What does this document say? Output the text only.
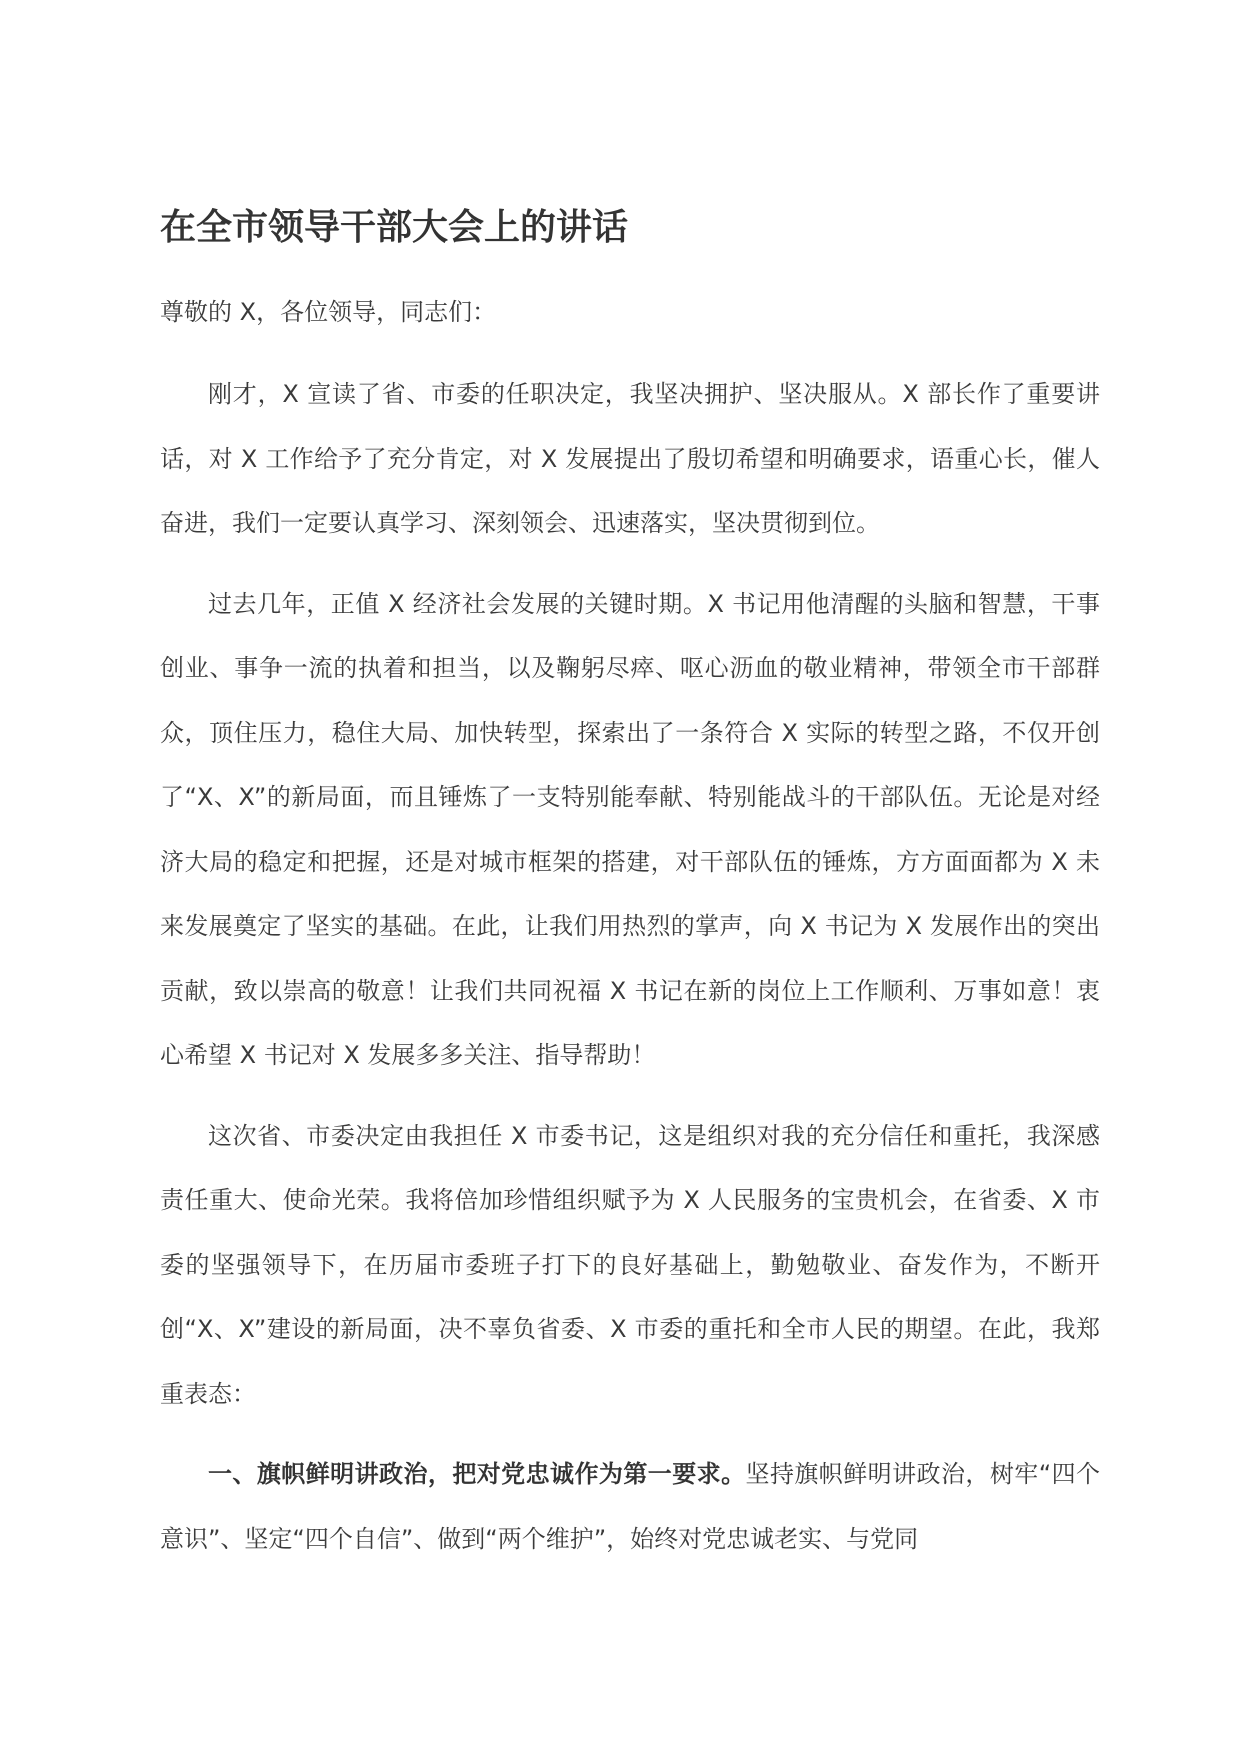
在全市领导干部大会上的讲话

尊敬的 X，各位领导，同志们：

刚才，X 宣读了省、市委的任职决定，我坚决拥护、坚决服从。X 部长作了重要讲话，对 X 工作给予了充分肯定，对 X 发展提出了殷切希望和明确要求，语重心长，催人奋进，我们一定要认真学习、深刻领会、迅速落实，坚决贯彻到位。

过去几年，正值 X 经济社会发展的关键时期。X 书记用他清醒的头脑和智慧，干事创业、事争一流的执着和担当，以及鞠躬尽瘁、呕心沥血的敬业精神，带领全市干部群众，顶住压力，稳住大局、加快转型，探索出了一条符合 X 实际的转型之路，不仅开创了“X、X”的新局面，而且锤炼了一支特别能奉献、特别能战斗的干部队伍。无论是对经济大局的稳定和把握，还是对城市框架的搭建，对干部队伍的锤炼，方方面面都为 X 未来发展奠定了坚实的基础。在此，让我们用热烈的掌声，向 X 书记为 X 发展作出的突出贡献，致以崇高的敬意！让我们共同祝福 X 书记在新的岗位上工作顺利、万事如意！衷心希望 X 书记对 X 发展多多关注、指导帮助！

这次省、市委决定由我担任 X 市委书记，这是组织对我的充分信任和重托，我深感责任重大、使命光荣。我将倍加珍惜组织赋予为 X 人民服务的宝贵机会，在省委、X 市委的坚强领导下，在历届市委班子打下的良好基础上，勤勉敬业、奋发作为，不断开创“X、X”建设的新局面，决不辜负省委、X 市委的重托和全市人民的期望。在此，我郑重表态：

一、旗帜鲜明讲政治，把对党忠诚作为第一要求。坚持旗帜鲜明讲政治，树牢“四个意识”、坚定“四个自信”、做到“两个维护”，始终对党忠诚老实、与党同
